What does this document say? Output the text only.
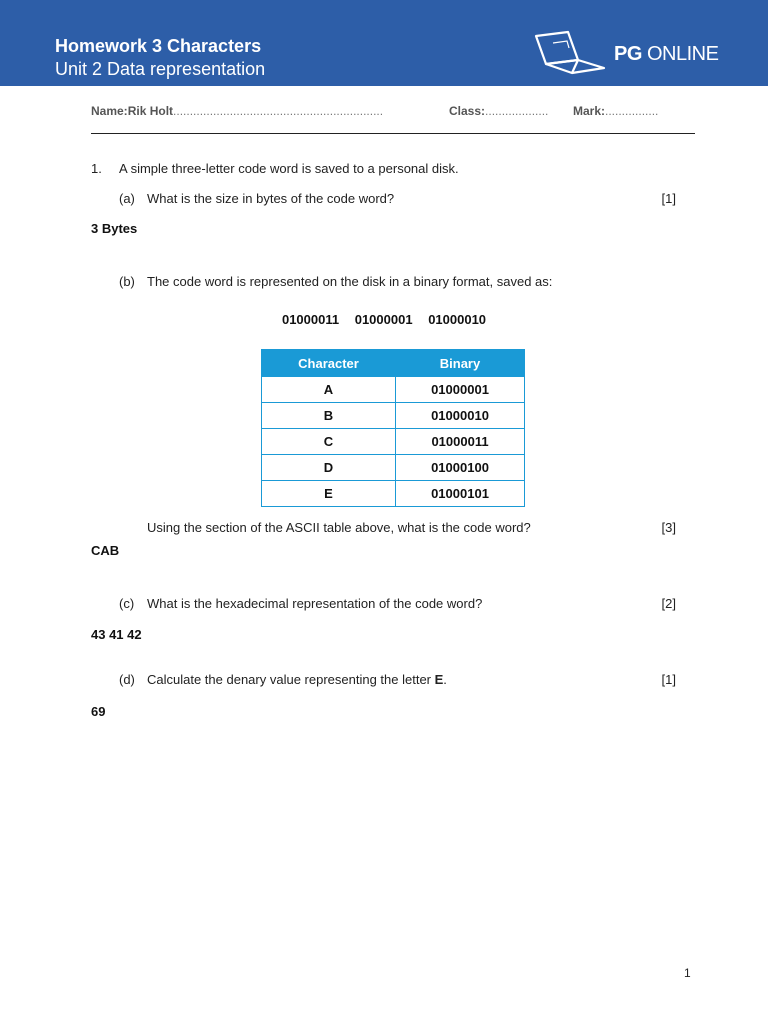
Homework 3 Characters
Unit 2 Data representation
PG ONLINE
Name:Rik Holt...............................................................	Class:................... Mark:................
1. A simple three-letter code word is saved to a personal disk.
(a) What is the size in bytes of the code word?	[1]
3 Bytes
(b) The code word is represented on the disk in a binary format, saved as:
01000011 01000001 01000010
Character	Binary
A	01000001
B	01000010
C	01000011
D	01000100
E	01000101
Using the section of the ASCII table above, what is the code word?	[3]
CAB
(c) What is the hexadecimal representation of the code word?	[2]
43 41 42
(d) Calculate the denary value representing the letter E.	[1]
69
1
